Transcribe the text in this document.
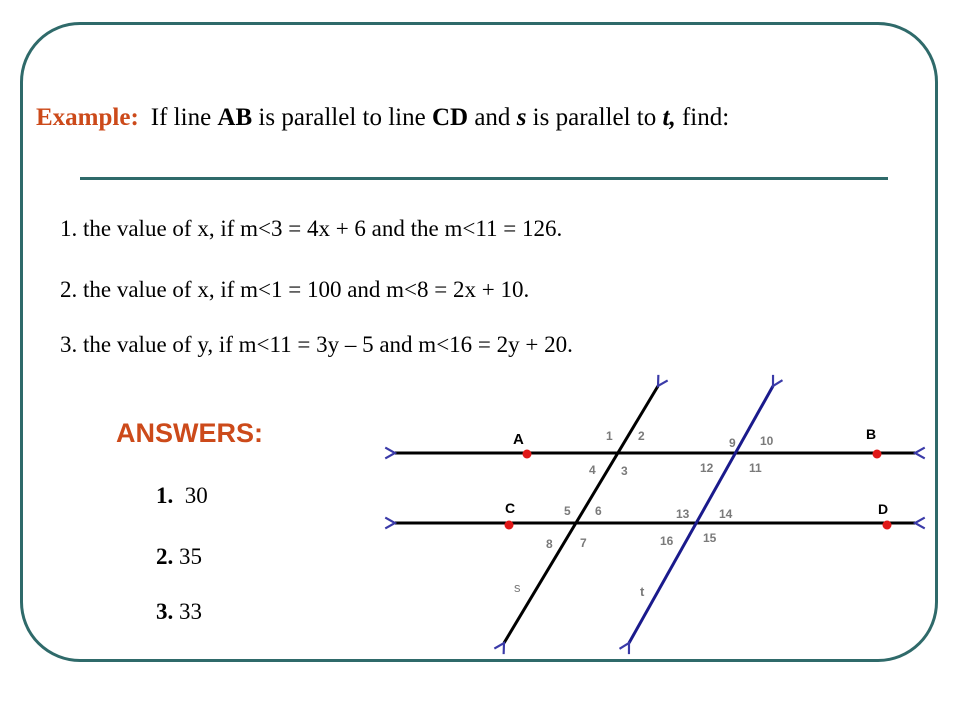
Example: If line AB is parallel to line CD and s is parallel to t, find:
1. the value of x, if m<3 = 4x + 6 and the m<11 = 126.
2. the value of x, if m<1 = 100 and m<8 = 2x + 10.
3. the value of y, if m<11 = 3y – 5 and m<16 = 2y + 20.
ANSWERS:
1. 30
2. 35
3. 33
A	B
C	D
s	t
1 2
3
4
5 6
7
8
9 10
11
12
13 14
15
16
